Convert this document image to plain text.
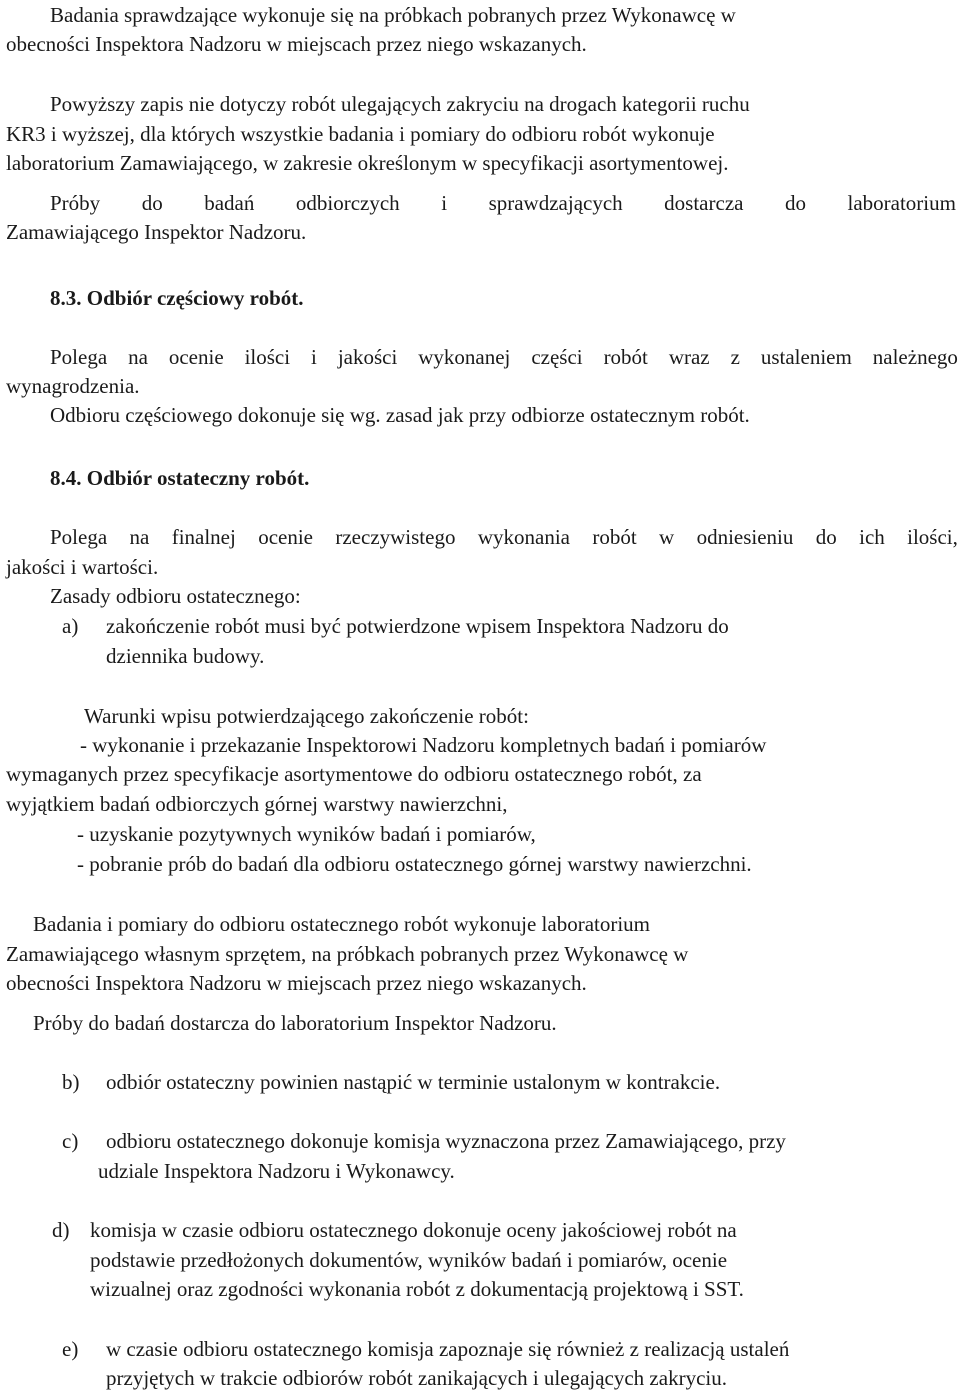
Badania sprawdzające wykonuje się na próbkach pobranych przez Wykonawcę w
obecności Inspektora Nadzoru w miejscach przez niego wskazanych.
Powyższy zapis nie dotyczy robót ulegających zakryciu na drogach kategorii ruchu
KR3 i wyższej, dla których wszystkie badania i pomiary do odbioru robót wykonuje
laboratorium Zamawiającego, w zakresie określonym w specyfikacji asortymentowej.
Próby do badań odbiorczych i sprawdzających dostarcza do laboratorium
Zamawiającego Inspektor Nadzoru.
8.3. Odbiór częściowy robót.
Polega na ocenie ilości i jakości wykonanej części robót wraz z ustaleniem należnego
wynagrodzenia.
Odbioru częściowego dokonuje się wg. zasad jak przy odbiorze ostatecznym robót.
8.4. Odbiór ostateczny robót.
Polega na finalnej ocenie rzeczywistego wykonania robót w odniesieniu do ich ilości,
jakości i wartości.
Zasady odbioru ostatecznego:
a) zakończenie robót musi być potwierdzone wpisem Inspektora Nadzoru do
dziennika budowy.
Warunki wpisu potwierdzającego zakończenie robót:
- wykonanie i przekazanie Inspektorowi Nadzoru kompletnych badań i pomiarów
wymaganych przez specyfikacje asortymentowe do odbioru ostatecznego robót, za
wyjątkiem badań odbiorczych górnej warstwy nawierzchni,
- uzyskanie pozytywnych wyników badań i pomiarów,
- pobranie prób do badań dla odbioru ostatecznego górnej warstwy nawierzchni.
Badania i pomiary do odbioru ostatecznego robót wykonuje laboratorium
Zamawiającego własnym sprzętem, na próbkach pobranych przez Wykonawcę w
obecności Inspektora Nadzoru w miejscach przez niego wskazanych.
Próby do badań dostarcza do laboratorium Inspektor Nadzoru.
b) odbiór ostateczny powinien nastąpić w terminie ustalonym w kontrakcie.
c) odbioru ostatecznego dokonuje komisja wyznaczona przez Zamawiającego, przy
udziale Inspektora Nadzoru i Wykonawcy.
d) komisja w czasie odbioru ostatecznego dokonuje oceny jakościowej robót na
podstawie przedłożonych dokumentów, wyników badań i pomiarów, ocenie
wizualnej oraz zgodności wykonania robót z dokumentacją projektową i SST.
e) w czasie odbioru ostatecznego komisja zapoznaje się również z realizacją ustaleń
przyjętych w trakcie odbiorów robót zanikających i ulegających zakryciu.
